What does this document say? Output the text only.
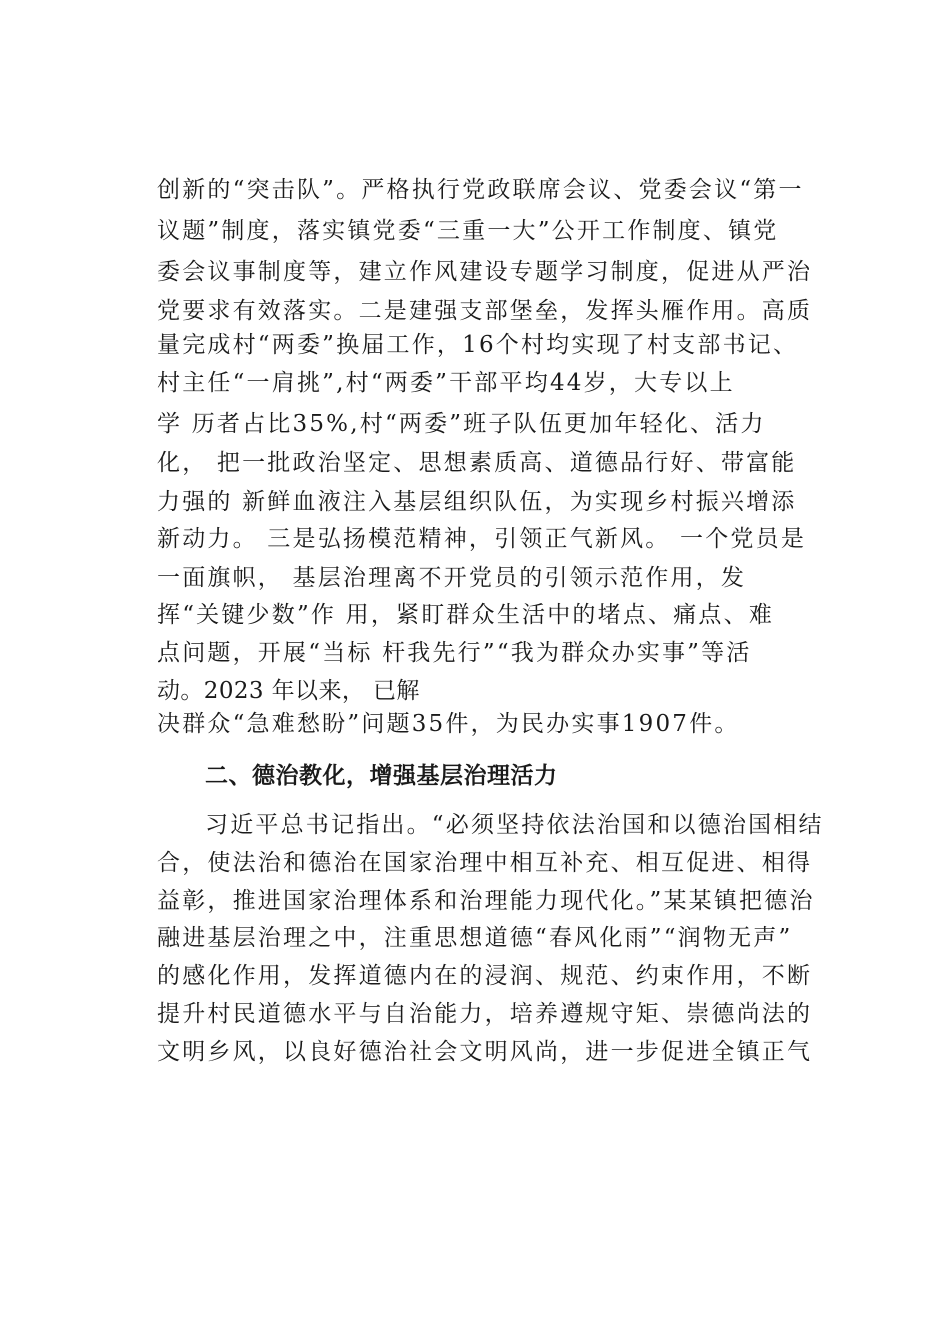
创新的“突击队”。严格执行党政联席会议、党委会议“第一
议题”制度，落实镇党委“三重一大”公开工作制度、镇党
委会议事制度等，建立作风建设专题学习制度，促进从严治
党要求有效落实。二是建强支部堡垒，发挥头雁作用。高质
量完成村“两委”换届工作，16个村均实现了村支部书记、
村主任“一肩挑”,村“两委”干部平均44岁，大专以上
学 历者占比35%,村“两委”班子队伍更加年轻化、活力
化， 把一批政治坚定、思想素质高、道德品行好、带富能
力强的 新鲜血液注入基层组织队伍，为实现乡村振兴增添
新动力。 三是弘扬模范精神，引领正气新风。 一个党员是
一面旗帜， 基层治理离不开党员的引领示范作用，发
挥“关键少数”作 用，紧盯群众生活中的堵点、痛点、难
点问题，开展“当标 杆我先行”“我为群众办实事”等活
动。2023 年以来， 已解
决群众“急难愁盼”问题35件，为民办实事1907件。
二、德治教化，增强基层治理活力
习近平总书记指出。“必须坚持依法治国和以德治国相结
合，使法治和德治在国家治理中相互补充、相互促进、相得
益彰，推进国家治理体系和治理能力现代化。”某某镇把德治
融进基层治理之中，注重思想道德“春风化雨”“润物无声”
的感化作用，发挥道德内在的浸润、规范、约束作用，不断
提升村民道德水平与自治能力，培养遵规守矩、崇德尚法的
文明乡风，以良好德治社会文明风尚，进一步促进全镇正气
